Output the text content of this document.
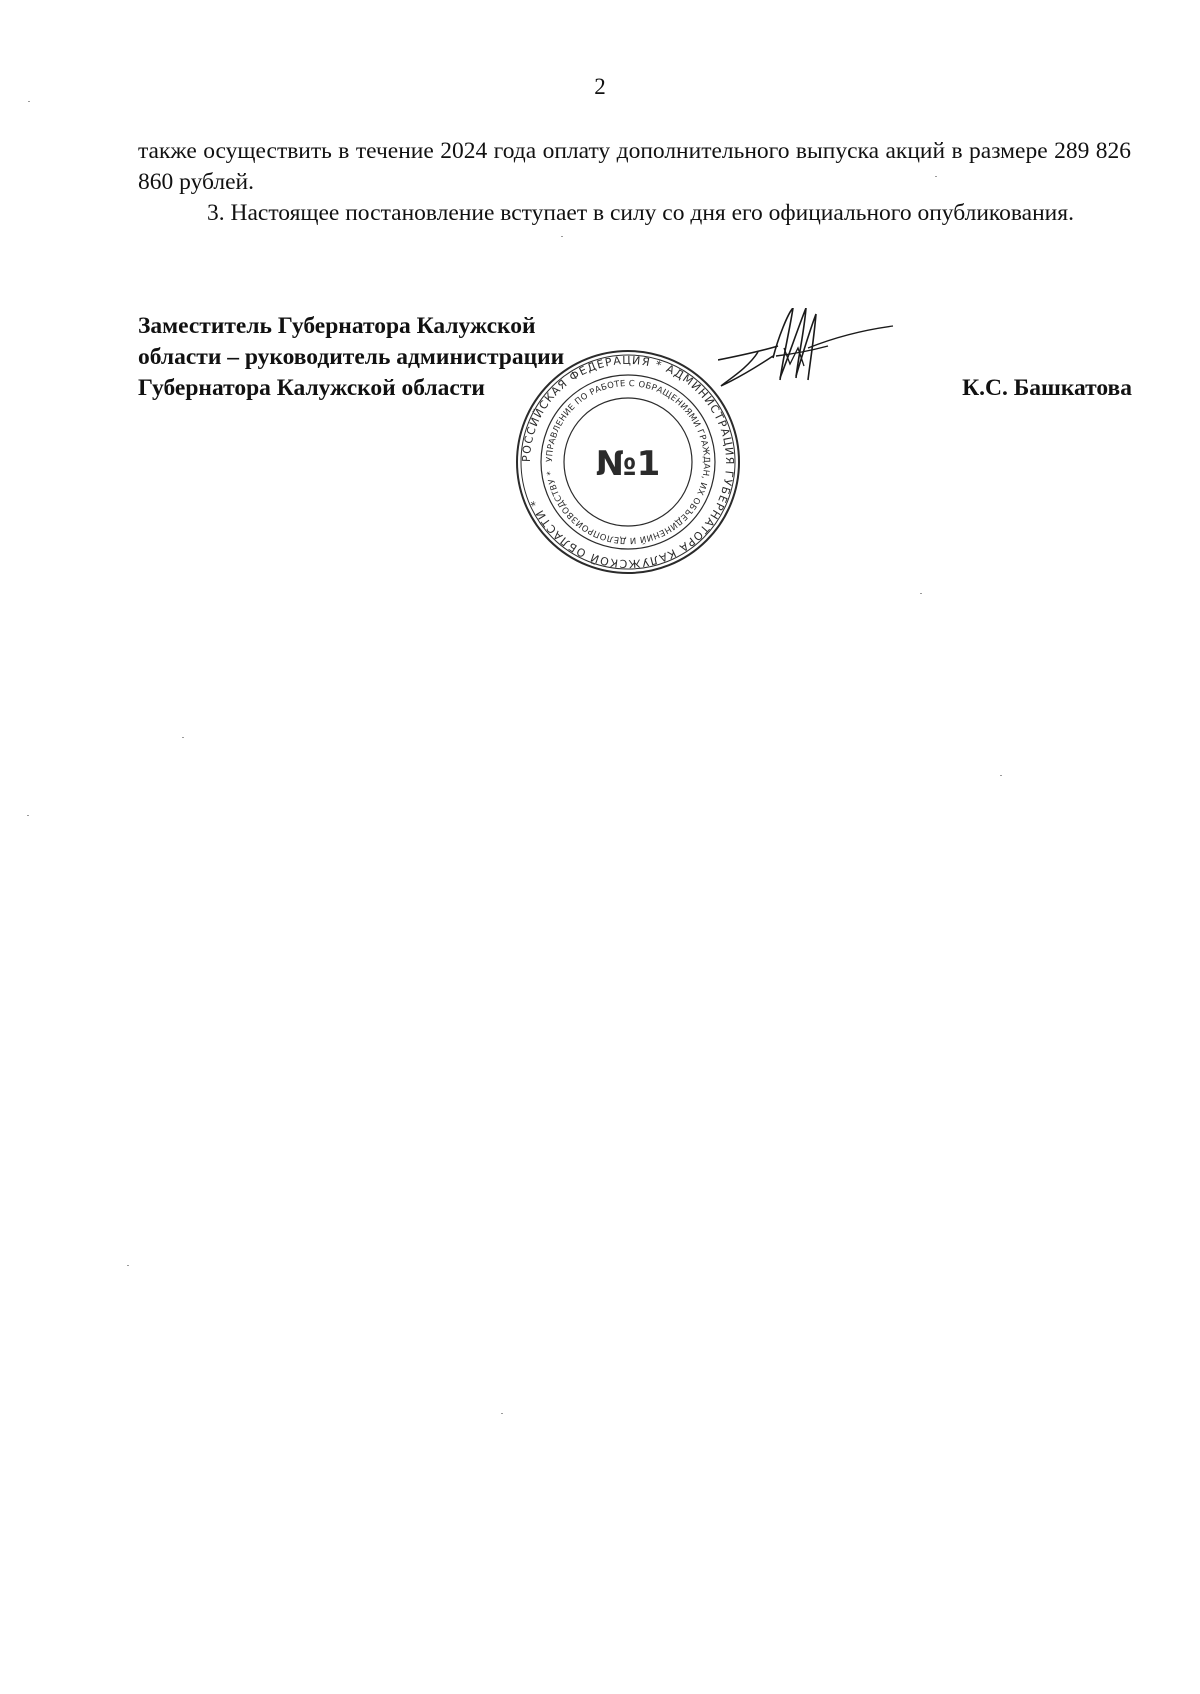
2
также осуществить в течение 2024 года оплату дополнительного выпуска акций в размере 289 826 860 рублей.
3. Настоящее постановление вступает в силу со дня его официального опубликования.
Заместитель Губернатора Калужской
области – руководитель администрации
Губернатора Калужской области	К.С. Башкатова
РОССИЙСКАЯ ФЕДЕРАЦИЯ * АДМИНИСТРАЦИЯ ГУБЕРНАТОРА КАЛУЖСКОЙ ОБЛАСТИ *
УПРАВЛЕНИЕ ПО РАБОТЕ С ОБРАЩЕНИЯМИ ГРАЖДАН, ИХ ОБЪЕДИНЕНИЙ И ДЕЛОПРОИЗВОДСТВУ *	№1
